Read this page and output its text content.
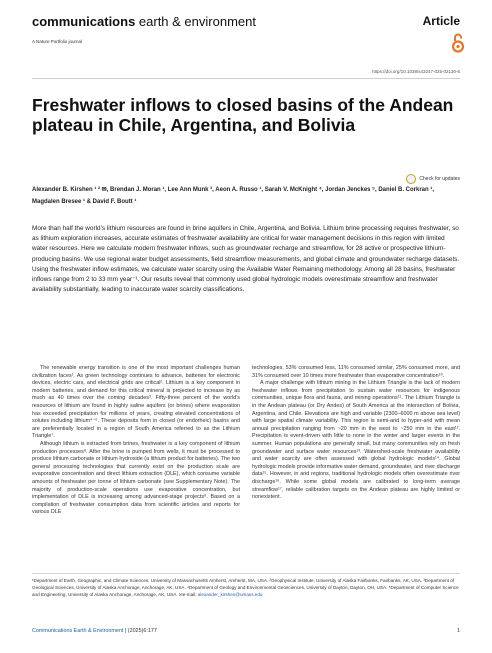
communications earth & environment	Article
A Nature Portfolio journal
https://doi.org/10.1038/s43247-025-02130-6
Freshwater inflows to closed basins of the Andean plateau in Chile, Argentina, and Bolivia
Check for updates

Alexander B. Kirshen ¹ ² ✉, Brendan J. Moran ¹, Lee Ann Munk ³, Aeon A. Russo ¹, Sarah V. McKnight ⁴, Jordan Jenckes ⁵, Daniel B. Corkran ¹, Magdalen Bresee ¹ & David F. Boutt ¹

More than half the world’s lithium resources are found in brine aquifers in Chile, Argentina, and Bolivia. Lithium brine processing requires freshwater, so as lithium exploration increases, accurate estimates of freshwater availability are critical for water management decisions in this region with limited water resources. Here we calculate modern freshwater inflows, such as groundwater recharge and streamflow, for 28 active or prospective lithium-producing basins. We use regional water budget assessments, field streamflow measurements, and global climate and groundwater recharge datasets. Using the freshwater inflow estimates, we calculate water scarcity using the Available Water Remaining methodology. Among all 28 basins, freshwater inflows range from 2 to 33 mm year⁻¹. Our results reveal that commonly used global hydrologic models overestimate streamflow and freshwater availability substantially, leading to inaccurate water scarcity classifications.

The renewable energy transition is one of the most important challenges human civilization faces¹. As green technology continues to advance, batteries for electronic devices, electric cars, and electrical grids are critical². Lithium is a key component in modern batteries, and demand for this critical mineral is projected to increase by as much as 40 times over the coming decades³. Fifty-three percent of the world’s resources of lithium are found in highly saline aquifers (or brines) where evaporation has exceeded precipitation for millions of years, creating elevated concentrations of solutes including lithium⁴⁻⁶. These deposits form in closed (or endorheic) basins and are preferentially located in a region of South America referred to as the Lithium Triangle⁷.

Although lithium is extracted from brines, freshwater is a key component of lithium production processes⁸. After the brine is pumped from wells, it must be processed to produce lithium carbonate or lithium hydroxide (a lithium product for batteries). The two general processing technologies that currently exist on the production scale are evaporative concentration and direct lithium extraction (DLE), which consume variable amounts of freshwater per tonne of lithium carbonate (see Supplementary Note). The majority of production-scale operations use evaporative concentration, but implementation of DLE is increasing among advanced-stage projects⁹. Based on a compilation of freshwater consumption data from scientific articles and reports for various DLE

technologies, 53% consumed less, 11% consumed similar, 25% consumed more, and 31% consumed over 10 times more freshwater than evaporative concentration¹⁰.

A major challenge with lithium mining in the Lithium Triangle is the lack of modern freshwater inflows from precipitation to sustain water resources for indigenous communities, unique flora and fauna, and mining operations¹¹. The Lithium Triangle is in the Andean plateau (or Dry Andes) of South America at the intersection of Bolivia, Argentina, and Chile. Elevations are high and variable (2300–6000 m above sea level) with large spatial climate variability. This region is semi-arid to hyper-arid with mean annual precipitation ranging from ~20 mm in the west to ~250 mm in the east¹². Precipitation is event-driven with little to none in the winter and larger events in the summer. Human populations are generally small, but many communities rely on fresh groundwater and surface water resources¹³. Watershed-scale freshwater availability and water scarcity are often assessed with global hydrologic models¹⁴. Global hydrologic models provide informative water demand, groundwater, and river discharge data¹⁵. However, in arid regions, traditional hydrologic models often overestimate river discharge¹⁶. While some global models are calibrated to long-term average streamflow¹⁷, reliable calibration targets on the Andean plateau are highly limited or nonexistent.

¹Department of Earth, Geographic, and Climate Sciences, University of Massachusetts Amherst, Amherst, MA, USA. ²Geophysical Institute, University of Alaska Fairbanks, Fairbanks, AK, USA. ³Department of Geological Sciences, University of Alaska Anchorage, Anchorage, AK, USA. ⁴Department of Geology and Environmental Geosciences, University of Dayton, Dayton, OH, USA. ⁵Department of Computer Science and Engineering, University of Alaska Anchorage, Anchorage, AK, USA. ✉e-mail: alexander_kirshen@umass.edu

Communications Earth & Environment | (2025)6:177	1
